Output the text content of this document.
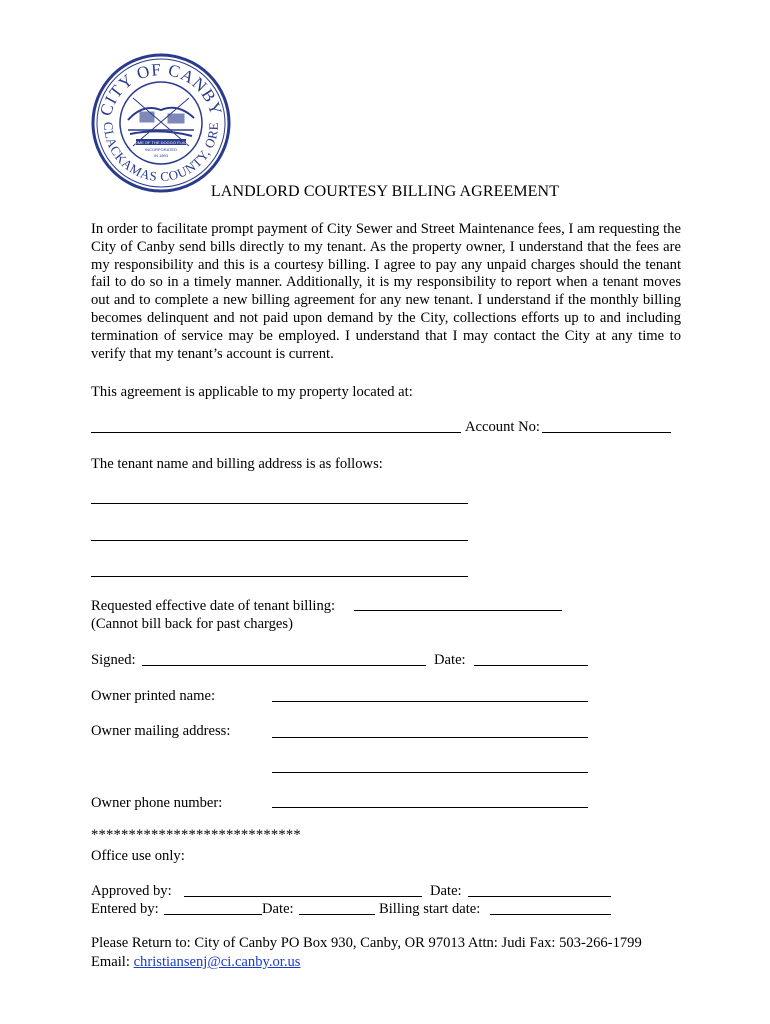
CITY OF CANBY
CLACKAMAS COUNTY, ORE
HOME OF THE DOGGO FLAGS
INCORPORATED
IN 1893
LANDLORD COURTESY BILLING AGREEMENT
In order to facilitate prompt payment of City Sewer and Street Maintenance fees, I am requesting the City of Canby send bills directly to my tenant. As the property owner, I understand that the fees are my responsibility and this is a courtesy billing. I agree to pay any unpaid charges should the tenant fail to do so in a timely manner. Additionally, it is my responsibility to report when a tenant moves out and to complete a new billing agreement for any new tenant. I understand if the monthly billing becomes delinquent and not paid upon demand by the City, collections efforts up to and including termination of service may be employed. I understand that I may contact the City at any time to verify that my tenant’s account is current.
This agreement is applicable to my property located at:
Account No:
The tenant name and billing address is as follows:
Requested effective date of tenant billing:
(Cannot bill back for past charges)
Signed:	Date:
Owner printed name:
Owner mailing address:
Owner phone number:
****************************
Office use only:
Approved by:	Date:
Entered by:	Date:	Billing start date:
Please Return to: City of Canby PO Box 930, Canby, OR 97013 Attn: Judi Fax: 503-266-1799
Email: christiansenj@ci.canby.or.us
